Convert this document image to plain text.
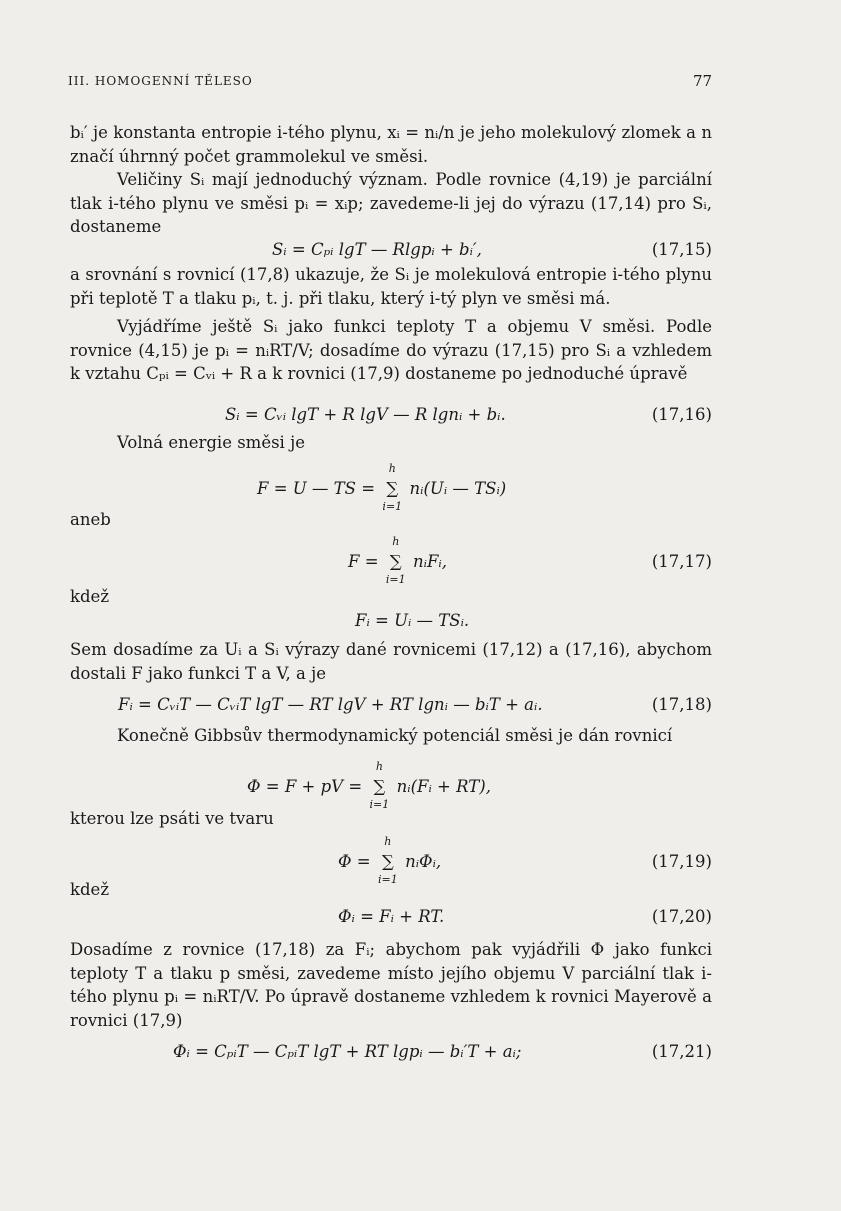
III. HOMOGENNÍ TĚLESO	77
bᵢ′ je konstanta entropie i-tého plynu, xᵢ = nᵢ/n je jeho molekulový zlomek a n značí úhrnný počet grammolekul ve směsi.
Veličiny Sᵢ mají jednoduchý význam. Podle rovnice (4,19) je parciální tlak i-tého plynu ve směsi pᵢ = xᵢp; zavedeme-li jej do výrazu (17,14) pro Sᵢ, dostaneme
Sᵢ = Cₚᵢ lgT — Rlgpᵢ + bᵢ′,	(17,15)
a srovnání s rovnicí (17,8) ukazuje, že Sᵢ je molekulová entropie i-tého plynu při teplotě T a tlaku pᵢ, t. j. při tlaku, který i-tý plyn ve směsi má.
Vyjádříme ještě Sᵢ jako funkci teploty T a objemu V směsi. Podle rovnice (4,15) je pᵢ = nᵢRT/V; dosadíme do výrazu (17,15) pro Sᵢ a vzhledem k vztahu Cₚᵢ = Cᵥᵢ + R a k rovnici (17,9) dostaneme po jednoduché úpravě
Sᵢ = Cᵥᵢ lgT + R lgV — R lgnᵢ + bᵢ.	(17,16)
Volná energie směsi je
F = U — TS =
h
∑
i=1
nᵢ(Uᵢ — TSᵢ)
aneb
F =
h
∑
i=1
nᵢFᵢ,	(17,17)
kdež
Fᵢ = Uᵢ — TSᵢ.
Sem dosadíme za Uᵢ a Sᵢ výrazy dané rovnicemi (17,12) a (17,16), abychom dostali F jako funkci T a V, a je
Fᵢ = CᵥᵢT — CᵥᵢT lgT — RT lgV + RT lgnᵢ — bᵢT + aᵢ.	(17,18)
Konečně Gibbsův thermodynamický potenciál směsi je dán rovnicí
Φ = F + pV =
h
∑
i=1
nᵢ(Fᵢ + RT),
kterou lze psáti ve tvaru
Φ =
h
∑
i=1
nᵢΦᵢ,	(17,19)
kdež
Φᵢ = Fᵢ + RT.	(17,20)
Dosadíme z rovnice (17,18) za Fᵢ; abychom pak vyjádřili Φ jako funkci teploty T a tlaku p směsi, zavedeme místo jejího objemu V parciální tlak i-tého plynu pᵢ = nᵢRT/V. Po úpravě dostaneme vzhledem k rovnici Mayerově a rovnici (17,9)
Φᵢ = CₚᵢT — CₚᵢT lgT + RT lgpᵢ — bᵢ′T + aᵢ;	(17,21)
